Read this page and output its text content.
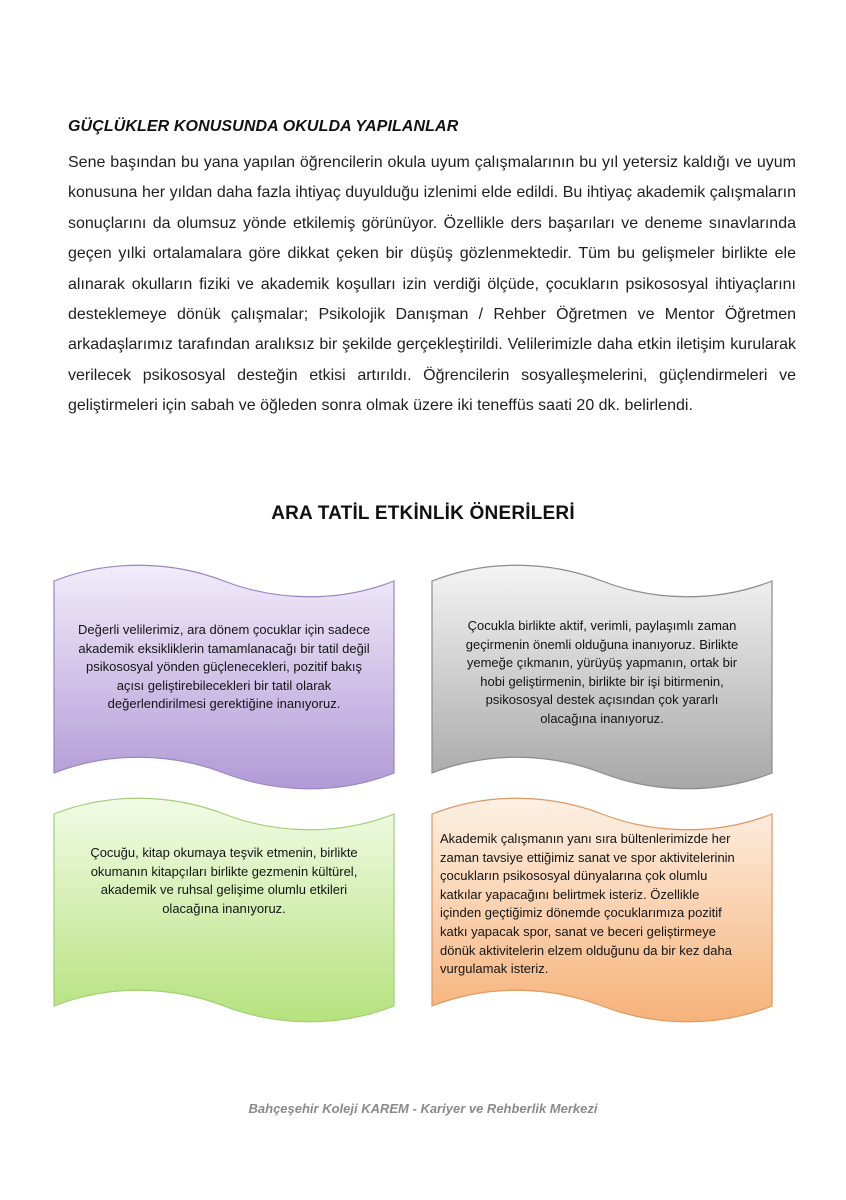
GÜÇLÜKLER KONUSUNDA OKULDA YAPILANLAR
Sene başından bu yana yapılan öğrencilerin okula uyum çalışmalarının bu yıl yetersiz kaldığı ve uyum konusuna her yıldan daha fazla ihtiyaç duyulduğu izlenimi elde edildi. Bu ihtiyaç akademik çalışmaların sonuçlarını da olumsuz yönde etkilemiş görünüyor. Özellikle ders başarıları ve deneme sınavlarında geçen yılki ortalamalara göre dikkat çeken bir düşüş gözlenmektedir. Tüm bu gelişmeler birlikte ele alınarak okulların fiziki ve akademik koşulları izin verdiği ölçüde, çocukların psikososyal ihtiyaçlarını desteklemeye dönük çalışmalar; Psikolojik Danışman / Rehber Öğretmen ve Mentor Öğretmen arkadaşlarımız tarafından aralıksız bir şekilde gerçekleştirildi. Velilerimizle daha etkin iletişim kurularak verilecek psikososyal desteğin etkisi artırıldı. Öğrencilerin sosyalleşmelerini, güçlendirmeleri ve geliştirmeleri için sabah ve öğleden sonra olmak üzere iki teneffüs saati 20 dk. belirlendi.
ARA TATİL ETKİNLİK ÖNERİLERİ
Değerli velilerimiz, ara dönem çocuklar için sadece akademik eksikliklerin tamamlanacağı bir tatil değil psikososyal yönden güçlenecekleri, pozitif bakış açısı geliştirebilecekleri bir tatil olarak değerlendirilmesi gerektiğine inanıyoruz.
Çocukla birlikte aktif, verimli, paylaşımlı zaman geçirmenin önemli olduğuna inanıyoruz. Birlikte yemeğe çıkmanın, yürüyüş yapmanın, ortak bir hobi geliştirmenin, birlikte bir işi bitirmenin, psikososyal destek açısından çok yararlı olacağına inanıyoruz.
Çocuğu, kitap okumaya teşvik etmenin, birlikte okumanın kitapçıları birlikte gezmenin kültürel, akademik ve ruhsal gelişime olumlu etkileri olacağına inanıyoruz.
Akademik çalışmanın yanı sıra bültenlerimizde her zaman tavsiye ettiğimiz sanat ve spor aktivitelerinin çocukların psikososyal dünyalarına çok olumlu katkılar yapacağını belirtmek isteriz. Özellikle içinden geçtiğimiz dönemde çocuklarımıza pozitif katkı yapacak spor, sanat ve beceri geliştirmeye dönük aktivitelerin elzem olduğunu da bir kez daha vurgulamak isteriz.
Bahçeşehir Koleji KAREM - Kariyer ve Rehberlik Merkezi
